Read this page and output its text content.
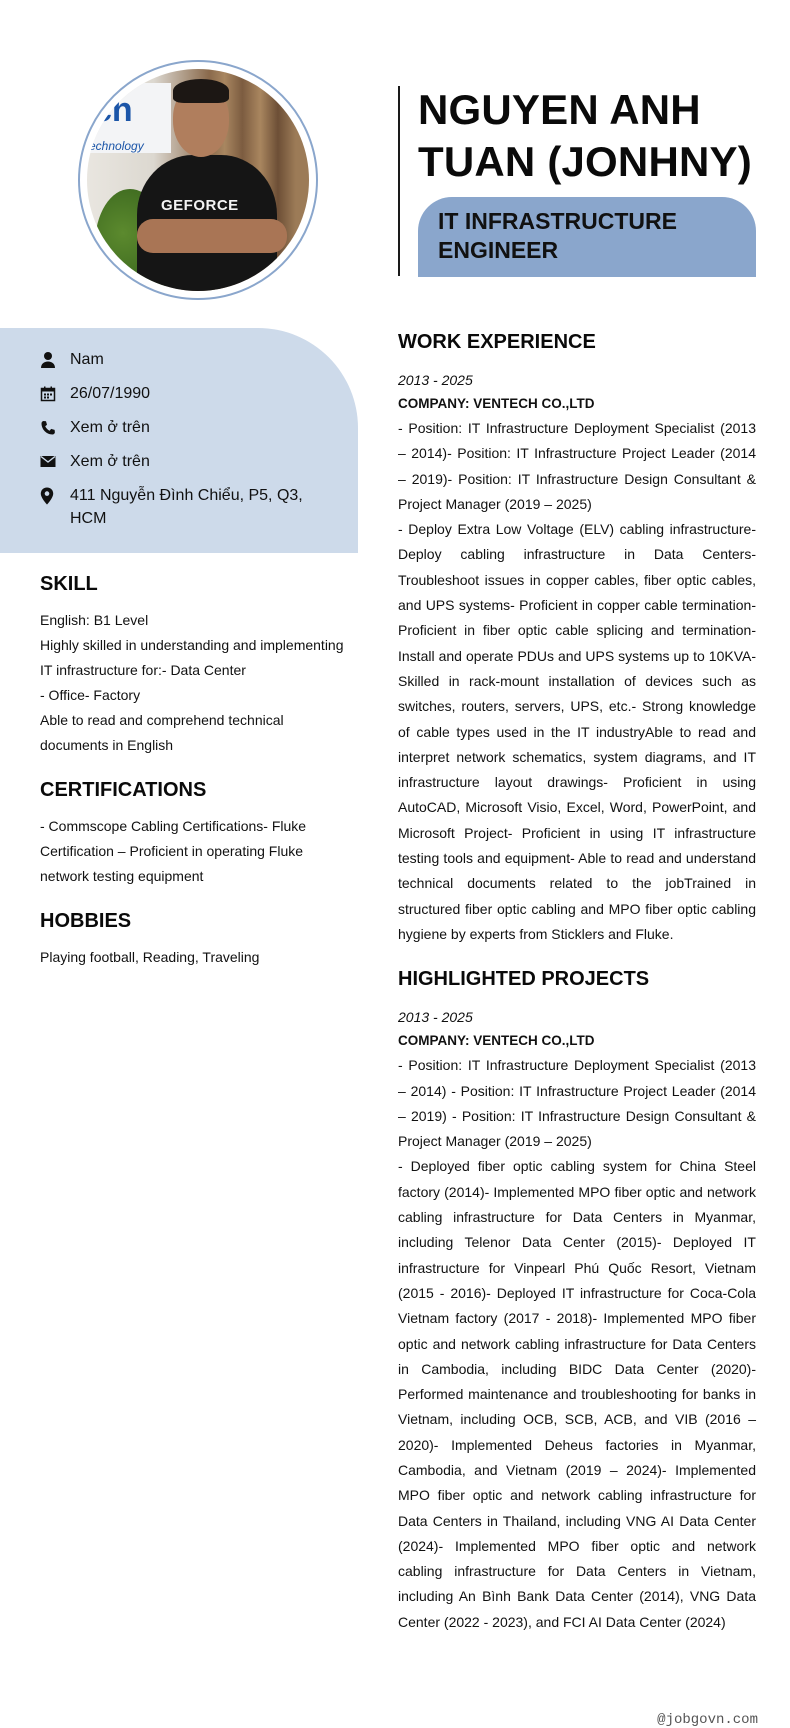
ch
echnology
GEFORCE
NGUYEN ANH TUAN (JONHNY)
IT INFRASTRUCTURE ENGINEER
Nam
26/07/1990
Xem ở trên
Xem ở trên
411 Nguyễn Đình Chiểu, P5, Q3, HCM
SKILL
English: B1 Level
Highly skilled in understanding and implementing IT infrastructure for:- Data Center
- Office- Factory
Able to read and comprehend technical documents in English
CERTIFICATIONS
- Commscope Cabling Certifications- Fluke Certification – Proficient in operating Fluke network testing equipment
HOBBIES
Playing football, Reading, Traveling
WORK EXPERIENCE
2013 - 2025
COMPANY: VENTECH CO.,LTD
- Position: IT Infrastructure Deployment Specialist (2013 – 2014)- Position: IT Infrastructure Project Leader (2014 – 2019)- Position: IT Infrastructure Design Consultant & Project Manager (2019 – 2025)
- Deploy Extra Low Voltage (ELV) cabling infrastructure- Deploy cabling infrastructure in Data Centers- Troubleshoot issues in copper cables, fiber optic cables, and UPS systems- Proficient in copper cable termination- Proficient in fiber optic cable splicing and termination- Install and operate PDUs and UPS systems up to 10KVA- Skilled in rack-mount installation of devices such as switches, routers, servers, UPS, etc.- Strong knowledge of cable types used in the IT industryAble to read and interpret network schematics, system diagrams, and IT infrastructure layout drawings- Proficient in using AutoCAD, Microsoft Visio, Excel, Word, PowerPoint, and Microsoft Project- Proficient in using IT infrastructure testing tools and equipment- Able to read and understand technical documents related to the jobTrained in structured fiber optic cabling and MPO fiber optic cabling hygiene by experts from Sticklers and Fluke.
HIGHLIGHTED PROJECTS
2013 - 2025
COMPANY: VENTECH CO.,LTD
- Position: IT Infrastructure Deployment Specialist (2013 – 2014) - Position: IT Infrastructure Project Leader (2014 – 2019) - Position: IT Infrastructure Design Consultant & Project Manager (2019 – 2025)
- Deployed fiber optic cabling system for China Steel factory (2014)- Implemented MPO fiber optic and network cabling infrastructure for Data Centers in Myanmar, including Telenor Data Center (2015)- Deployed IT infrastructure for Vinpearl Phú Quốc Resort, Vietnam (2015 - 2016)- Deployed IT infrastructure for Coca-Cola Vietnam factory (2017 - 2018)- Implemented MPO fiber optic and network cabling infrastructure for Data Centers in Cambodia, including BIDC Data Center (2020)- Performed maintenance and troubleshooting for banks in Vietnam, including OCB, SCB, ACB, and VIB (2016 – 2020)- Implemented Deheus factories in Myanmar, Cambodia, and Vietnam (2019 – 2024)- Implemented MPO fiber optic and network cabling infrastructure for Data Centers in Thailand, including VNG AI Data Center (2024)- Implemented MPO fiber optic and network cabling infrastructure for Data Centers in Vietnam, including An Bình Bank Data Center (2014), VNG Data Center (2022 - 2023), and FCI AI Data Center (2024)
@jobgovn.com
